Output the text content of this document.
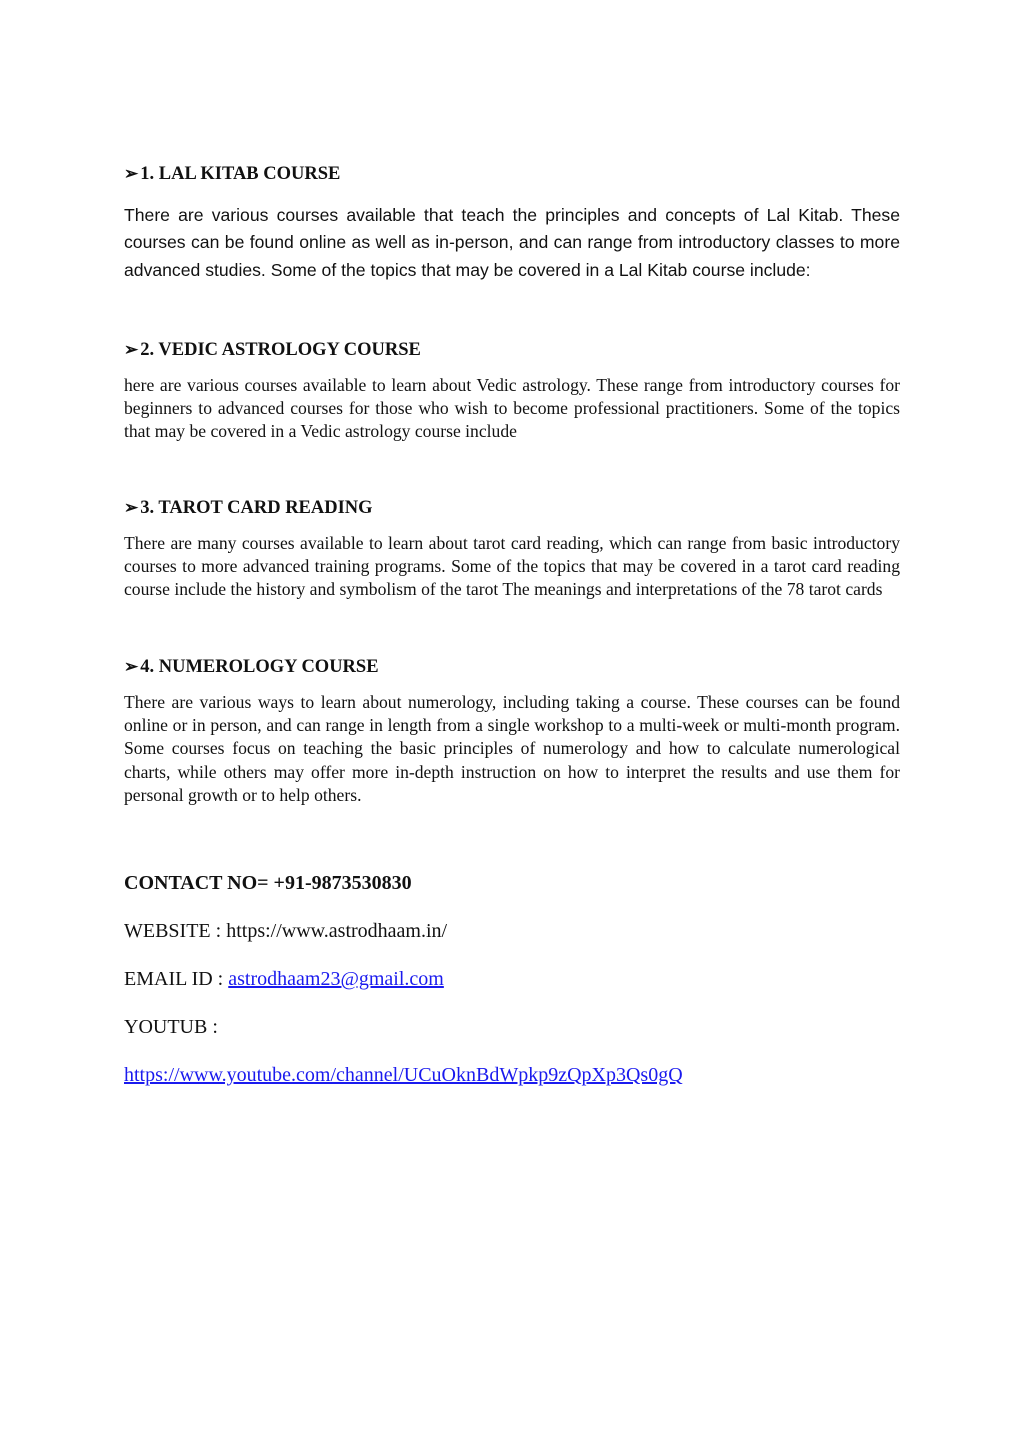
➢ 1. LAL KITAB COURSE

There are various courses available that teach the principles and concepts of Lal Kitab. These courses can be found online as well as in-person, and can range from introductory classes to more advanced studies. Some of the topics that may be covered in a Lal Kitab course include:

➢ 2. VEDIC ASTROLOGY COURSE

here are various courses available to learn about Vedic astrology. These range from introductory courses for beginners to advanced courses for those who wish to become professional practitioners. Some of the topics that may be covered in a Vedic astrology course include

➢ 3. TAROT CARD READING

There are many courses available to learn about tarot card reading, which can range from basic introductory courses to more advanced training programs. Some of the topics that may be covered in a tarot card reading course include the history and symbolism of the tarot The meanings and interpretations of the 78 tarot cards

➢ 4. NUMEROLOGY COURSE

There are various ways to learn about numerology, including taking a course. These courses can be found online or in person, and can range in length from a single workshop to a multi-week or multi-month program. Some courses focus on teaching the basic principles of numerology and how to calculate numerological charts, while others may offer more in-depth instruction on how to interpret the results and use them for personal growth or to help others.

CONTACT NO= +91-9873530830

WEBSITE : https://www.astrodhaam.in/

EMAIL ID : astrodhaam23@gmail.com

YOUTUB :

https://www.youtube.com/channel/UCuOknBdWpkp9zQpXp3Qs0gQ
